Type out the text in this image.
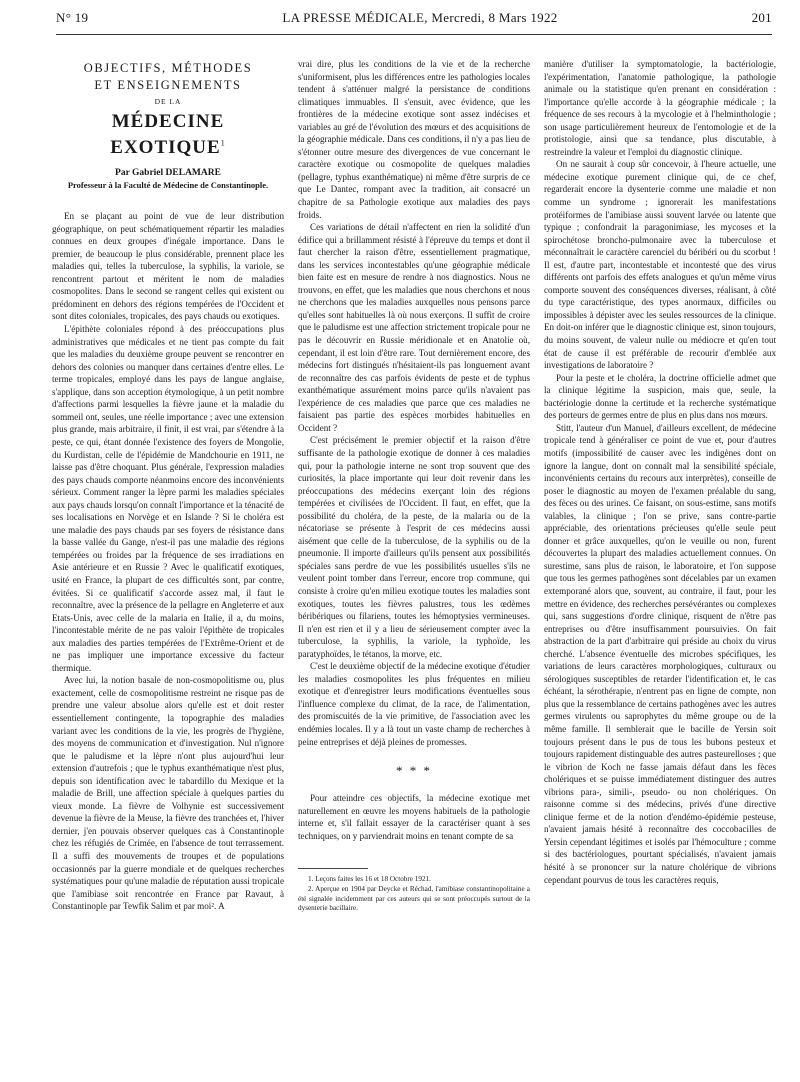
N° 19	LA PRESSE MÉDICALE, Mercredi, 8 Mars 1922	201
OBJECTIFS, MÉTHODES
ET ENSEIGNEMENTS
DE LA
MÉDECINE EXOTIQUE$^1$
Par Gabriel DELAMARE
Professeur à la Faculté de Médecine de Constantinople.

En se plaçant au point de vue de leur distribution géographique, on peut schématiquement répartir les maladies connues en deux groupes d'inégale importance. Dans le premier, de beaucoup le plus considérable, prennent place les maladies qui, telles la tuberculose, la syphilis, la variole, se rencontrent partout et méritent le nom de maladies cosmopolites. Dans le second se rangent celles qui existent ou prédominent en dehors des régions tempérées de l'Occident et sont dites coloniales, tropicales, des pays chauds ou exotiques.

L'épithète coloniales répond à des préoccupations plus administratives que médicales et ne tient pas compte du fait que les maladies du deuxième groupe peuvent se rencontrer en dehors des colonies ou manquer dans certaines d'entre elles. Le terme tropicales, employé dans les pays de langue anglaise, s'applique, dans son acception étymologique, à un petit nombre d'affections parmi lesquelles la fièvre jaune et la maladie du sommeil ont, seules, une réelle importance ; avec une extension plus grande, mais arbitraire, il finit, il est vrai, par s'étendre à la peste, ce qui, étant donnée l'existence des foyers de Mongolie, du Kurdistan, celle de l'épidémie de Mandchourie en 1911, ne laisse pas d'être choquant. Plus générale, l'expression maladies des pays chauds comporte néanmoins encore des inconvénients sérieux. Comment ranger la lèpre parmi les maladies spéciales aux pays chauds lorsqu'on connaît l'importance et la ténacité de ses localisations en Norvège et en Islande ? Si le choléra est une maladie des pays chauds par ses foyers de résistance dans la basse vallée du Gange, n'est-il pas une maladie des régions tempérées ou froides par la fréquence de ses irradiations en Asie antérieure et en Russie ? Avec le qualificatif exotiques, usité en France, la plupart de ces difficultés sont, par contre, évitées. Si ce qualificatif s'accorde assez mal, il faut le reconnaître, avec la présence de la pellagre en Angleterre et aux Etats-Unis, avec celle de la malaria en Italie, il a, du moins, l'incontestable mérite de ne pas valoir l'épithète de tropicales aux maladies des parties tempérées de l'Extrême-Orient et de ne pas impliquer une importance excessive du facteur thermique.

Avec lui, la notion basale de non-cosmopolitisme ou, plus exactement, celle de cosmopolitisme restreint ne risque pas de prendre une valeur absolue alors qu'elle est et doit rester essentiellement contingente, la topographie des maladies variant avec les conditions de la vie, les progrès de l'hygiène, des moyens de communication et d'investigation. Nul n'ignore que le paludisme et la lèpre n'ont plus aujourd'hui leur extension d'autrefois ; que le typhus exanthématique n'est plus, depuis son identification avec le tabardillo du Mexique et la maladie de Brill, une affection spéciale à quelques parties du vieux monde. La fièvre de Volhynie est successivement devenue la fièvre de la Meuse, la fièvre des tranchées et, l'hiver dernier, j'en pouvais observer quelques cas à Constantinople chez les réfugiés de Crimée, en l'absence de tout terrassement. Il a suffi des mouvements de troupes et de populations occasionnés par la guerre mondiale et de quelques recherches systématiques pour qu'une maladie de réputation aussi tropicale que l'amibiase soit rencontrée en France par Ravaut, à Constantinople par Tewfik Salim et par moi². A

vrai dire, plus les conditions de la vie et de la recherche s'uniformisent, plus les différences entre les pathologies locales tendent à s'atténuer malgré la persistance de conditions climatiques immuables. Il s'ensuit, avec évidence, que les frontières de la médecine exotique sont assez indécises et variables au gré de l'évolution des mœurs et des acquisitions de la géographie médicale. Dans ces conditions, il n'y a pas lieu de s'étonner outre mesure des divergences de vue concernant le caractère exotique ou cosmopolite de quelques maladies (pellagre, typhus exanthématique) ni même d'être surpris de ce que Le Dantec, rompant avec la tradition, ait consacré un chapitre de sa Pathologie exotique aux maladies des pays froids.

Ces variations de détail n'affectent en rien la solidité d'un édifice qui a brillamment résisté à l'épreuve du temps et dont il faut chercher la raison d'être, essentiellement pragmatique, dans les services incontestables qu'une géographie médicale bien faite est en mesure de rendre à nos diagnostics. Nous ne trouvons, en effet, que les maladies que nous cherchons et nous ne cherchons que les maladies auxquelles nous pensons parce qu'elles sont habituelles là où nous exerçons. Il suffit de croire que le paludisme est une affection strictement tropicale pour ne pas le découvrir en Russie méridionale et en Anatolie où, cependant, il est loin d'être rare. Tout dernièrement encore, des médecins fort distingués n'hésitaient-ils pas longuement avant de reconnaître des cas parfois évidents de peste et de typhus exanthématique assurément moins parce qu'ils n'avaient pas l'expérience de ces maladies que parce que ces maladies ne faisaient pas partie des espèces morbides habituelles en Occident ?

C'est précisément le premier objectif et la raison d'être suffisante de la pathologie exotique de donner à ces maladies qui, pour la pathologie interne ne sont trop souvent que des curiosités, la place importante qui leur doit revenir dans les préoccupations des médecins exerçant loin des régions tempérées et civilisées de l'Occident. Il faut, en effet, que la possibilité du choléra, de la peste, de la malaria ou de la nécatoriase se présente à l'esprit de ces médecins aussi aisément que celle de la tuberculose, de la syphilis ou de la pneumonie. Il importe d'ailleurs qu'ils pensent aux possibilités spéciales sans perdre de vue les possibilités usuelles s'ils ne veulent point tomber dans l'erreur, encore trop commune, qui consiste à croire qu'en milieu exotique toutes les maladies sont exotiques, toutes les fièvres palustres, tous les œdèmes béribériques ou filariens, toutes les hémoptysies vermineuses. Il n'en est rien et il y a lieu de sérieusement compter avec la tuberculose, la syphilis, la variole, la typhoïde, les paratyphoïdes, le tétanos, la morve, etc.

C'est le deuxième objectif de la médecine exotique d'étudier les maladies cosmopolites les plus fréquentes en milieu exotique et d'enregistrer leurs modifications éventuelles sous l'influence complexe du climat, de la race, de l'alimentation, des promiscuités de la vie primitive, de l'association avec les endémies locales. Il y a là tout un vaste champ de recherches à peine entreprises et déjà pleines de promesses.

* * *

Pour atteindre ces objectifs, la médecine exotique met naturellement en œuvre les moyens habituels de la pathologie interne et, s'il fallait essayer de la caractériser quant à ses techniques, on y parviendrait moins en tenant compte de sa

1. Leçons faites les 16 et 18 Octobre 1921.

2. Aperçue en 1904 par Deycke et Réchad, l'amibiase constantinopolitaine a été signalée incidemment par ces auteurs qui se sont préoccupés surtout de la dysenterie bacillaire.

manière d'utiliser la symptomatologie, la bactériologie, l'expérimentation, l'anatomie pathologique, la pathologie animale ou la statistique qu'en prenant en considération : l'importance qu'elle accorde à la géographie médicale ; la fréquence de ses recours à la mycologie et à l'helminthologie ; son usage particulièrement heureux de l'entomologie et de la protistologie, ainsi que sa tendance, plus discutable, à restreindre la valeur et l'emploi du diagnostic clinique.

On ne saurait à coup sûr concevoir, à l'heure actuelle, une médecine exotique purement clinique qui, de ce chef, regarderait encore la dysenterie comme une maladie et non comme un syndrome ; ignorerait les manifestations protéiformes de l'amibiase aussi souvent larvée ou latente que typique ; confondrait la paragonimiase, les mycoses et la spirochétose broncho-pulmonaire avec la tuberculose et méconnaîtrait le caractère carenciel du béribéri ou du scorbut ! Il est, d'autre part, incontestable et incontesté que des virus différents ont parfois des effets analogues et qu'un même virus comporte souvent des conséquences diverses, réalisant, à côté du type caractéristique, des types anormaux, difficiles ou impossibles à dépister avec les seules ressources de la clinique. En doit-on inférer que le diagnostic clinique est, sinon toujours, du moins souvent, de valeur nulle ou médiocre et qu'en tout état de cause il est préférable de recourir d'emblée aux investigations de laboratoire ?

Pour la peste et le choléra, la doctrine officielle admet que la clinique légitime la suspicion, mais que, seule, la bactériologie donne la certitude et la recherche systématique des porteurs de germes entre de plus en plus dans nos mœurs.

Stitt, l'auteur d'un Manuel, d'ailleurs excellent, de médecine tropicale tend à généraliser ce point de vue et, pour d'autres motifs (impossibilité de causer avec les indigènes dont on ignore la langue, dont on connaît mal la sensibilité spéciale, inconvénients certains du recours aux interprètes), conseille de poser le diagnostic au moyen de l'examen préalable du sang, des fèces ou des urines. Ce faisant, on sous-estime, sans motifs valables, la clinique ; l'on se prive, sans contre-partie appréciable, des orientations précieuses qu'elle seule peut donner et grâce auxquelles, qu'on le veuille ou non, furent découvertes la plupart des maladies actuellement connues. On surestime, sans plus de raison, le laboratoire, et l'on suppose que tous les germes pathogènes sont décelables par un examen extemporané alors que, souvent, au contraire, il faut, pour les mettre en évidence, des recherches persévérantes ou complexes qui, sans suggestions d'ordre clinique, risquent de n'être pas entreprises ou d'être insuffisamment poursuivies. On fait abstraction de la part d'arbitraire qui préside au choix du virus cherché. L'absence éventuelle des microbes spécifiques, les variations de leurs caractères morphologiques, culturaux ou sérologiques susceptibles de retarder l'identification et, le cas échéant, la sérothérapie, n'entrent pas en ligne de compte, non plus que la ressemblance de certains pathogènes avec les autres germes virulents ou saprophytes du même groupe ou de la même famille. Il semblerait que le bacille de Yersin soit toujours présent dans le pus de tous les bubons pesteux et toujours rapidement distinguable des autres pasteurelloses ; que le vibrion de Koch ne fasse jamais défaut dans les fèces cholériques et se puisse immédiatement distinguer des autres vibrions para-, simili-, pseudo- ou non cholériques. On raisonne comme si des médecins, privés d'une directive clinique ferme et de la notion d'endémo-épidémie pesteuse, n'avaient jamais hésité à reconnaître des coccobacilles de Yersin cependant légitimes et isolés par l'hémoculture ; comme si des bactériologues, pourtant spécialisés, n'avaient jamais hésité à se prononcer sur la nature cholérique de vibrions cependant pourvus de tous les caractères requis,
